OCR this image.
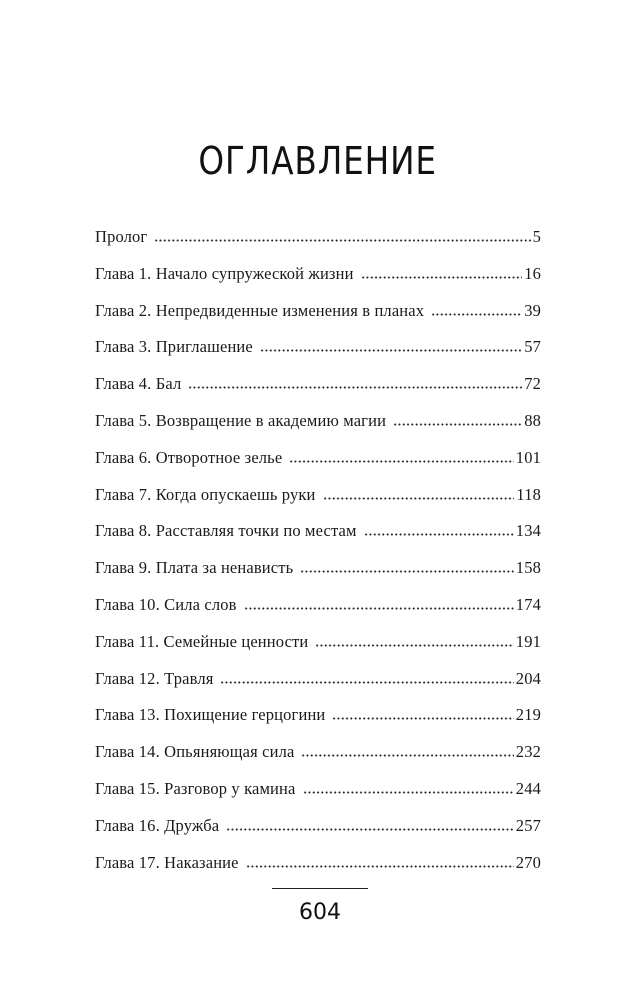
ОГЛАВЛЕНИЕ
Пролог	5
Глава 1. Начало супружеской жизни	16
Глава 2. Непредвиденные изменения в планах	39
Глава 3. Приглашение	57
Глава 4. Бал	72
Глава 5. Возвращение в академию магии	88
Глава 6. Отворотное зелье	101
Глава 7. Когда опускаешь руки	118
Глава 8. Расставляя точки по местам	134
Глава 9. Плата за ненависть	158
Глава 10. Сила слов	174
Глава 11. Семейные ценности	191
Глава 12. Травля	204
Глава 13. Похищение герцогини	219
Глава 14. Опьяняющая сила	232
Глава 15. Разговор у камина	244
Глава 16. Дружба	257
Глава 17. Наказание	270
604
